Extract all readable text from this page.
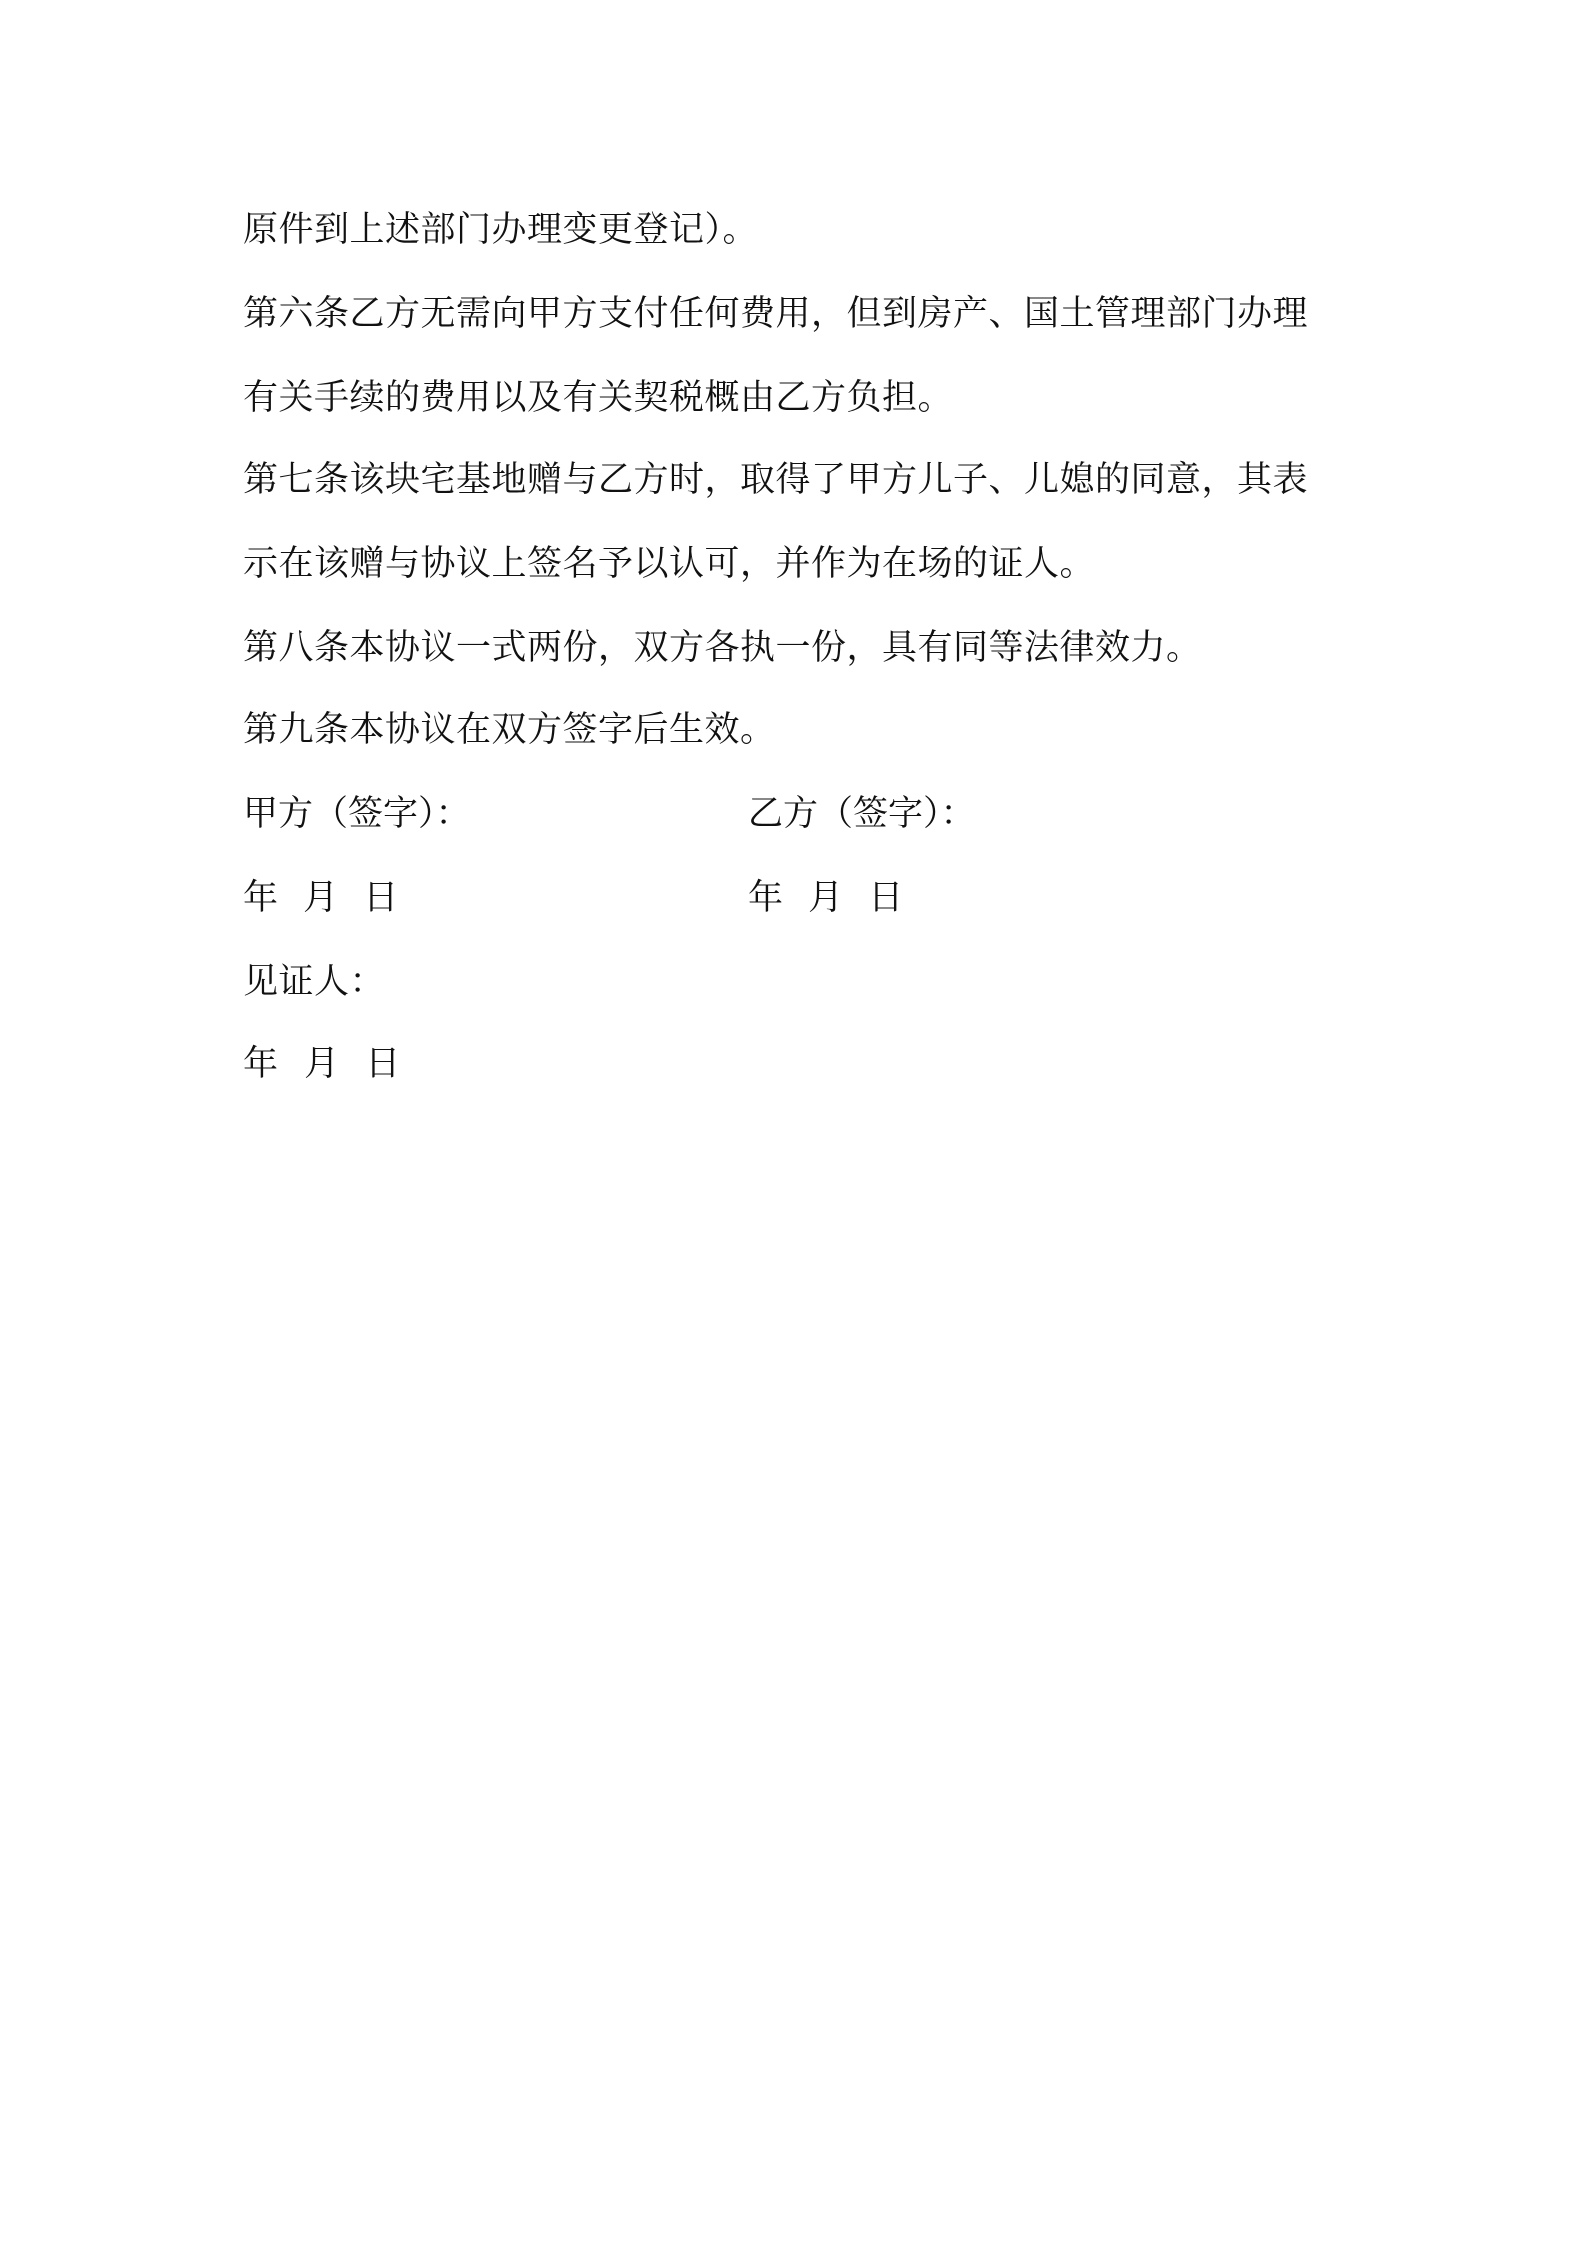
原件到上述部门办理变更登记）。
第六条乙方无需向甲方支付任何费用，但到房产、国土管理部门办理
有关手续的费用以及有关契税概由乙方负担。
第七条该块宅基地赠与乙方时，取得了甲方儿子、儿媳的同意，其表
示在该赠与协议上签名予以认可，并作为在场的证人。
第八条本协议一式两份，双方各执一份，具有同等法律效力。
第九条本协议在双方签字后生效。
甲方（签字）：	乙方（签字）：
年 月 日	年 月 日
见证人：
年 月 日
